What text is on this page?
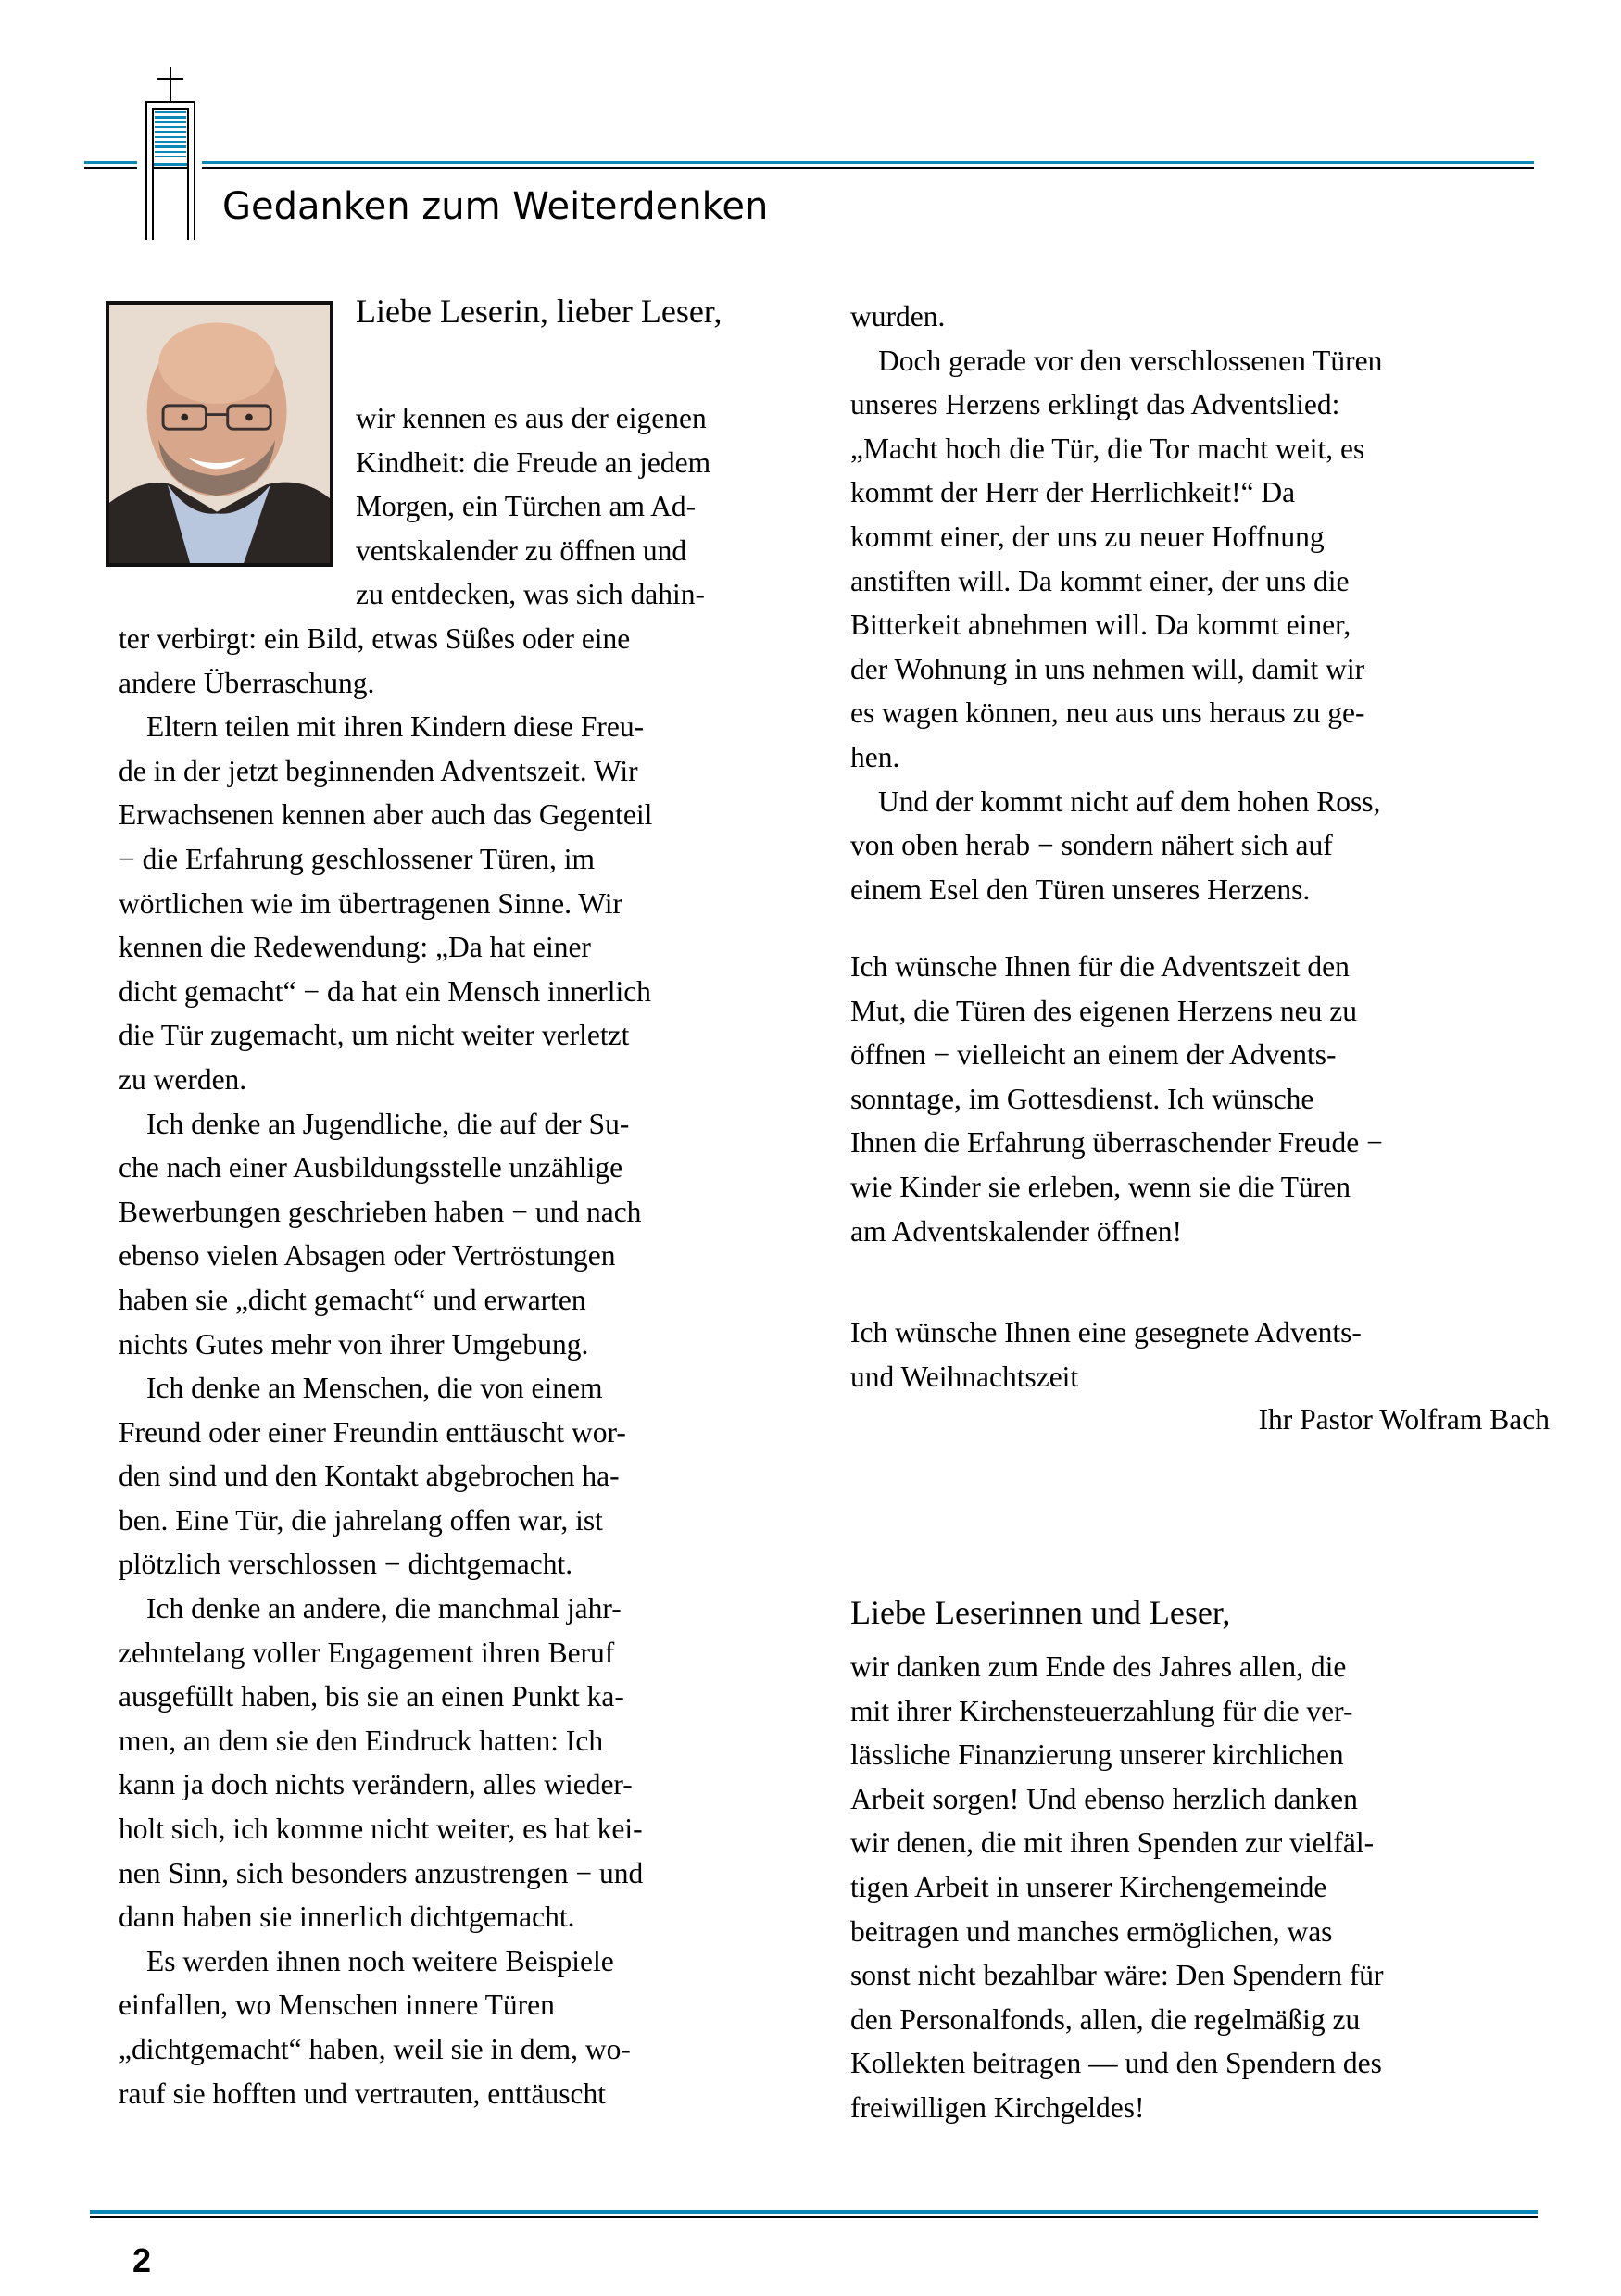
Gedanken zum Weiterdenken
Liebe Leserin, lieber Leser,
wir kennen es aus der eigenen
Kindheit: die Freude an jedem
Morgen, ein Türchen am Ad-
ventskalender zu öffnen und
zu entdecken, was sich dahin-
ter verbirgt: ein Bild, etwas Süßes oder eine
andere Überraschung.
Eltern teilen mit ihren Kindern diese Freu-
de in der jetzt beginnenden Adventszeit. Wir
Erwachsenen kennen aber auch das Gegenteil
− die Erfahrung geschlossener Türen, im
wörtlichen wie im übertragenen Sinne. Wir
kennen die Redewendung: „Da hat einer
dicht gemacht“ − da hat ein Mensch innerlich
die Tür zugemacht, um nicht weiter verletzt
zu werden.
Ich denke an Jugendliche, die auf der Su-
che nach einer Ausbildungsstelle unzählige
Bewerbungen geschrieben haben − und nach
ebenso vielen Absagen oder Vertröstungen
haben sie „dicht gemacht“ und erwarten
nichts Gutes mehr von ihrer Umgebung.
Ich denke an Menschen, die von einem
Freund oder einer Freundin enttäuscht wor-
den sind und den Kontakt abgebrochen ha-
ben. Eine Tür, die jahrelang offen war, ist
plötzlich verschlossen − dichtgemacht.
Ich denke an andere, die manchmal jahr-
zehntelang voller Engagement ihren Beruf
ausgefüllt haben, bis sie an einen Punkt ka-
men, an dem sie den Eindruck hatten: Ich
kann ja doch nichts verändern, alles wieder-
holt sich, ich komme nicht weiter, es hat kei-
nen Sinn, sich besonders anzustrengen − und
dann haben sie innerlich dichtgemacht.
Es werden ihnen noch weitere Beispiele
einfallen, wo Menschen innere Türen
„dichtgemacht“ haben, weil sie in dem, wo-
rauf sie hofften und vertrauten, enttäuscht
wurden.
Doch gerade vor den verschlossenen Türen
unseres Herzens erklingt das Adventslied:
„Macht hoch die Tür, die Tor macht weit, es
kommt der Herr der Herrlichkeit!“ Da
kommt einer, der uns zu neuer Hoffnung
anstiften will. Da kommt einer, der uns die
Bitterkeit abnehmen will. Da kommt einer,
der Wohnung in uns nehmen will, damit wir
es wagen können, neu aus uns heraus zu ge-
hen.
Und der kommt nicht auf dem hohen Ross,
von oben herab − sondern nähert sich auf
einem Esel den Türen unseres Herzens.
Ich wünsche Ihnen für die Adventszeit den
Mut, die Türen des eigenen Herzens neu zu
öffnen − vielleicht an einem der Advents-
sonntage, im Gottesdienst. Ich wünsche
Ihnen die Erfahrung überraschender Freude −
wie Kinder sie erleben, wenn sie die Türen
am Adventskalender öffnen!
Ich wünsche Ihnen eine gesegnete Advents-
und Weihnachtszeit
Ihr Pastor Wolfram Bach
Liebe Leserinnen und Leser,
wir danken zum Ende des Jahres allen, die
mit ihrer Kirchensteuerzahlung für die ver-
lässliche Finanzierung unserer kirchlichen
Arbeit sorgen! Und ebenso herzlich danken
wir denen, die mit ihren Spenden zur vielfäl-
tigen Arbeit in unserer Kirchengemeinde
beitragen und manches ermöglichen, was
sonst nicht bezahlbar wäre: Den Spendern für
den Personalfonds, allen, die regelmäßig zu
Kollekten beitragen — und den Spendern des
freiwilligen Kirchgeldes!
2
